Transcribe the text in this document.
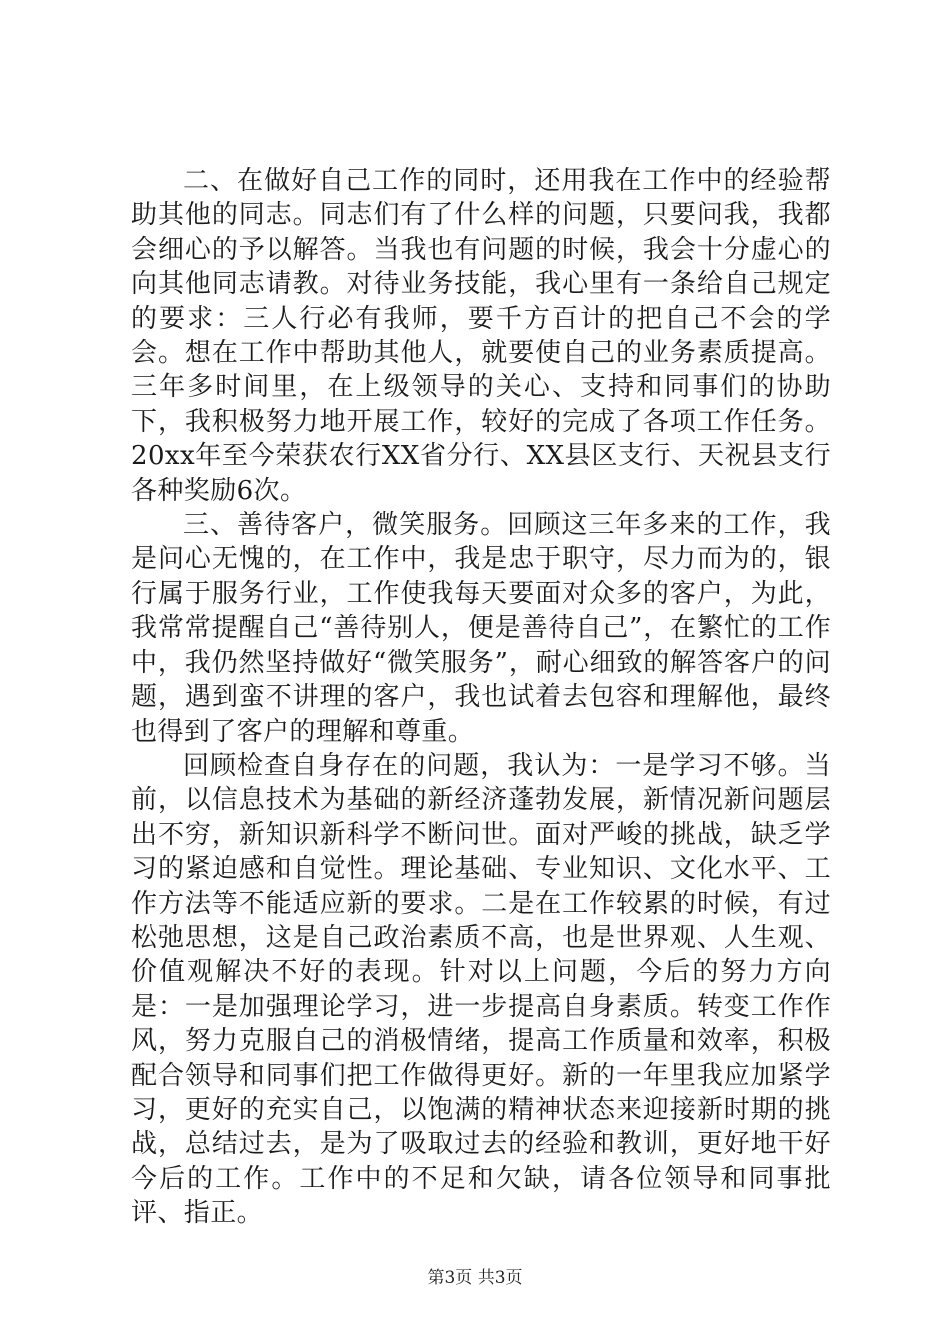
二、在做好自己工作的同时，还用我在工作中的经验帮助其他的同志。同志们有了什么样的问题，只要问我，我都会细心的予以解答。当我也有问题的时候，我会十分虚心的向其他同志请教。对待业务技能，我心里有一条给自己规定的要求：三人行必有我师，要千方百计的把自己不会的学会。想在工作中帮助其他人，就要使自己的业务素质提高。三年多时间里，在上级领导的关心、支持和同事们的协助下，我积极努力地开展工作，较好的完成了各项工作任务。20xx年至今荣获农行XX省分行、XX县区支行、天祝县支行各种奖励6次。

三、善待客户，微笑服务。回顾这三年多来的工作，我是问心无愧的，在工作中，我是忠于职守，尽力而为的，银行属于服务行业，工作使我每天要面对众多的客户，为此，我常常提醒自己“善待别人，便是善待自己”，在繁忙的工作中，我仍然坚持做好“微笑服务”，耐心细致的解答客户的问题，遇到蛮不讲理的客户，我也试着去包容和理解他，最终也得到了客户的理解和尊重。

回顾检查自身存在的问题，我认为：一是学习不够。当前，以信息技术为基础的新经济蓬勃发展，新情况新问题层出不穷，新知识新科学不断问世。面对严峻的挑战，缺乏学习的紧迫感和自觉性。理论基础、专业知识、文化水平、工作方法等不能适应新的要求。二是在工作较累的时候，有过松弛思想，这是自己政治素质不高，也是世界观、人生观、价值观解决不好的表现。针对以上问题，今后的努力方向是：一是加强理论学习，进一步提高自身素质。转变工作作风，努力克服自己的消极情绪，提高工作质量和效率，积极配合领导和同事们把工作做得更好。新的一年里我应加紧学习，更好的充实自己，以饱满的精神状态来迎接新时期的挑战，总结过去，是为了吸取过去的经验和教训，更好地干好今后的工作。工作中的不足和欠缺，请各位领导和同事批评、指正。

第3页 共3页
